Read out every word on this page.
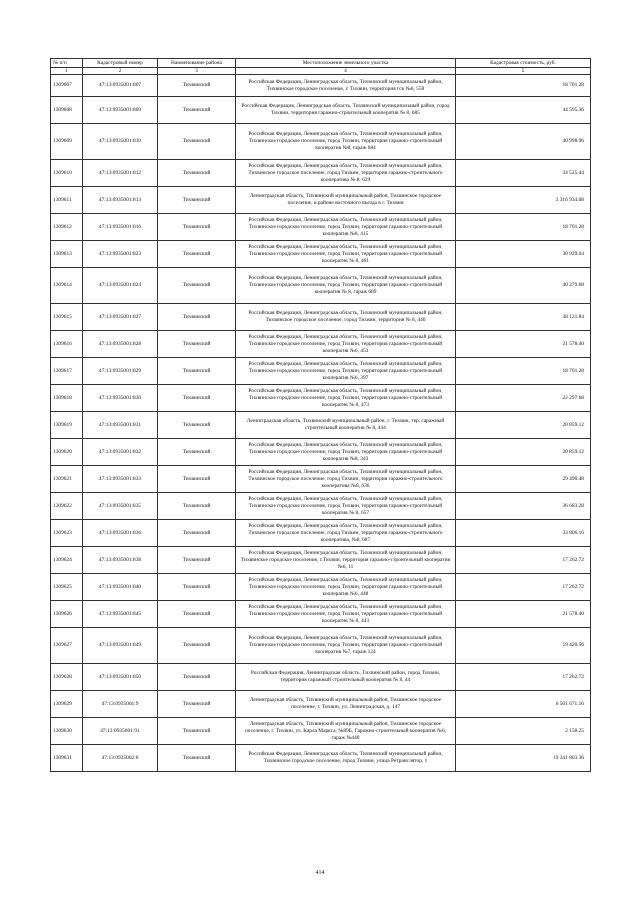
№ п/п	Кадастровый номер	Наименование района	Местоположение земельного участка	Кадастровая стоимость, руб.
1	2	3	4	5
1309607	47:13:0935001:807	Тихвинский	Российская Федерация, Ленинградская область, Тихвинский муниципальный район, Тихвинское городское поселение, г. Тихвин, территория гск №6, 558	18 701.28
1309608	47:13:0935001:809	Тихвинский	Российская Федерация, Ленинградская область, Тихвинский муниципальный район, город Тихвин, территория гаражно-строительный кооператив № 8, 685	44 595.36
1309609	47:13:0935001:810	Тихвинский	Российская Федерация, Ленинградская область, Тихвинский муниципальный район, Тихвинское городское поселение, город Тихвин, территория гаражно-строительный кооператив №8, гараж 684	40 998.96
1309610	47:13:0935001:812	Тихвинский	Российская Федерация, Ленинградская область, Тихвинский муниципальный район, Тихвинское городское поселение, город Тихвин, территория гаражно-строительного кооператива № 8, 629	34 525.44
1309611	47:13:0935001:813	Тихвинский	Ленинградская область, Тихвинский муниципальный район, Тихвинское городское поселение, в районе восточного въезда в г. Тихвин	3 316 934.08
1309612	47:13:0935001:816	Тихвинский	Российская Федерация, Ленинградская область, Тихвинский муниципальный район, Тихвинское городское поселение, город Тихвин, территория гаражно-строительный кооператив №8, 415	18 701.28
1309613	47:13:0935001:823	Тихвинский	Российская Федерация, Ленинградская область, Тихвинский муниципальный район, Тихвинское городское поселение, город Тихвин, территория гаражно-строительный кооператив № 8, 461	30 929.04
1309614	47:13:0935001:824	Тихвинский	Российская Федерация, Ленинградская область, Тихвинский муниципальный район, Тихвинское городское поселение, город Тихвин, территория гаражно-строительный кооператив № 8, гараж 689	40 279.68
1309615	47:13:0935001:827	Тихвинский	Российская Федерация, Ленинградская область, Тихвинский муниципальный район, Тихвинское городское поселение, город Тихвин, территория № 8, 440	38 121.84
1309616	47:13:0935001:828	Тихвинский	Российская Федерация, Ленинградская область, Тихвинский муниципальный район, Тихвинское городское поселение, город Тихвин, территория гаражно-строительный кооператив №6, 453	21 578.40
1309617	47:13:0935001:829	Тихвинский	Российская Федерация, Ленинградская область, Тихвинский муниципальный район, Тихвинское городское поселение, город Тихвин, территория гаражно-строительный кооператив №6, 397	18 701.28
1309618	47:13:0935001:830	Тихвинский	Российская Федерация, Ленинградская область, Тихвинский муниципальный район, Тихвинское городское поселение, город Тихвин, территория гаражно-строительный кооператив № 8, 473	22 297.68
1309619	47:13:0935001:831	Тихвинский	Ленинградская область, Тихвинский муниципальный район, г. Тихвин, тер. гаражный строительный кооператив № 8, 444	20 859.12
1309620	47:13:0935001:832	Тихвинский	Российская Федерация, Ленинградская область, Тихвинский муниципальный район, Тихвинское городское поселение, город Тихвин, территория гаражно-строительный кооператив №8, 343	20 859.12
1309621	47:13:0935001:833	Тихвинский	Российская Федерация, Ленинградская область, Тихвинский муниципальный район, Тихвинское городское поселение, город Тихвин, территория гаражно-строительного кооператива №8, 636	29 490.48
1309622	47:13:0935001:835	Тихвинский	Российская Федерация, Ленинградская область, Тихвинский муниципальный район, Тихвинское городское поселение, город Тихвин, территория гаражно-строительный кооператив № 8, 657	36 683.28
1309623	47:13:0935001:836	Тихвинский	Российская Федерация, Ленинградская область, Тихвинский муниципальный район, Тихвинское городское поселение, город Тихвин, территория гаражно-строительного кооператива, №8, 687	33 806.16
1309624	47:13:0935001:838	Тихвинский	Российская Федерация, Ленинградская область, Тихвинский муниципальный район, Тихвинское городское поселение, г.Тихвин, территория гаражно-строительный кооператив №6, 11	17 262.72
1309625	47:13:0935001:840	Тихвинский	Российская Федерация, Ленинградская область, Тихвинский муниципальный район, Тихвинское городское поселение, город Тихвин, территория гаражно-строительный кооператив №6, 448	17 262.72
1309626	47:13:0935001:845	Тихвинский	Российская Федерация, Ленинградская область, Тихвинский муниципальный район, Тихвинское городское поселение, город Тихвин, территория гаражно-строительный кооператив № 8, 443	21 578.40
1309627	47:13:0935001:849	Тихвинский	Российская Федерация, Ленинградская область, Тихвинский муниципальный район, Тихвинское городское поселение, город Тихвин, территория гаражно-строительный кооператив №7, гараж 124	19 420.56
1309628	47:13:0935001:850	Тихвинский	Российская Федерация, Ленинградская область, Тихвинский район, город Тихвин, территория гаражный строительный кооператив № 8, 44	17 262.72
1309629	47:13:0935001:9	Тихвинский	Ленинградская область, Тихвинский муниципальный район, Тихвинское городское поселение, г. Тихвин, ул. Ленинградская, д. 147	6 501 671.16
1309630	47:13:0935001:91	Тихвинский	Ленинградская область, Тихвинский муниципальный район, Тихвинское городское поселение, г. Тихвин, ул. Карла Маркса, №89Б, Гаражно-строительный кооператив №6, гараж №440	2 158.25
1309631	47:13:0935002:6	Тихвинский	Российская Федерация, Ленинградская область, Тихвинский муниципальный район, Тихвинское городское поселение, город Тихвин, улица Ретранслятор, 1	19 341 803.36
414
